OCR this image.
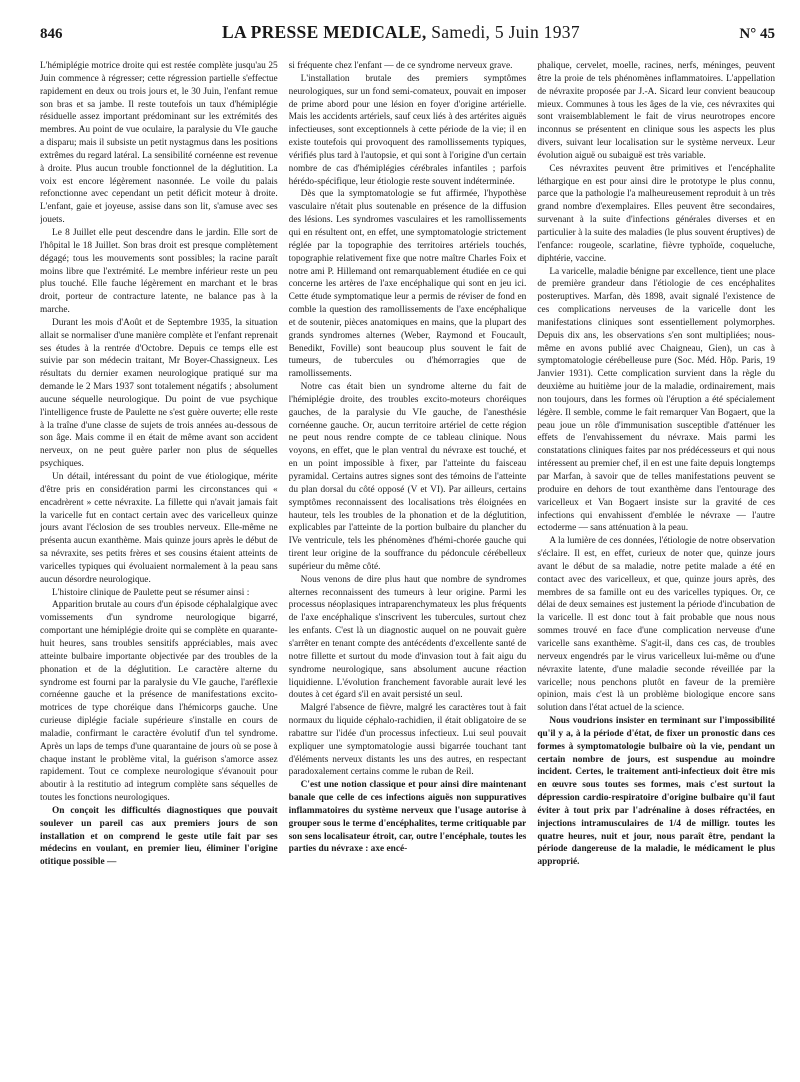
846	LA PRESSE MEDICALE, Samedi, 5 Juin 1937	N° 45

L'hémiplégie motrice droite qui est restée complète jusqu'au 25 Juin commence à régresser; cette régression partielle s'effectue rapidement en deux ou trois jours et, le 30 Juin, l'enfant remue son bras et sa jambe. Il reste toutefois un taux d'hémiplégie résiduelle assez important prédominant sur les extrémités des membres. Au point de vue oculaire, la paralysie du VIe gauche a disparu; mais il subsiste un petit nystagmus dans les positions extrêmes du regard latéral. La sensibilité cornéenne est revenue à droite. Plus aucun trouble fonctionnel de la déglutition. La voix est encore légèrement nasonnée. Le voile du palais refonctionne avec cependant un petit déficit moteur à droite. L'enfant, gaie et joyeuse, assise dans son lit, s'amuse avec ses jouets.

Le 8 Juillet elle peut descendre dans le jardin. Elle sort de l'hôpital le 18 Juillet. Son bras droit est presque complètement dégagé; tous les mouvements sont possibles; la racine paraît moins libre que l'extrémité. Le membre inférieur reste un peu plus touché. Elle fauche légèrement en marchant et le bras droit, porteur de contracture latente, ne balance pas à la marche.

Durant les mois d'Août et de Septembre 1935, la situation allait se normaliser d'une manière complète et l'enfant reprenait ses études à la rentrée d'Octobre. Depuis ce temps elle est suivie par son médecin traitant, Mr Boyer-Chassigneux. Les résultats du dernier examen neurologique pratiqué sur ma demande le 2 Mars 1937 sont totalement négatifs ; absolument aucune séquelle neurologique. Du point de vue psychique l'intelligence fruste de Paulette ne s'est guère ouverte; elle reste à la traîne d'une classe de sujets de trois années au-dessous de son âge. Mais comme il en était de même avant son accident nerveux, on ne peut guère parler non plus de séquelles psychiques.

Un détail, intéressant du point de vue étiologique, mérite d'être pris en considération parmi les circonstances qui « encadrèrent » cette névraxite. La fillette qui n'avait jamais fait la varicelle fut en contact certain avec des varicelleux quinze jours avant l'éclosion de ses troubles nerveux. Elle-même ne présenta aucun exanthème. Mais quinze jours après le début de sa névraxite, ses petits frères et ses cousins étaient atteints de varicelles typiques qui évoluaient normalement à la peau sans aucun désordre neurologique.

L'histoire clinique de Paulette peut se résumer ainsi :

Apparition brutale au cours d'un épisode céphalalgique avec vomissements d'un syndrome neurologique bigarré, comportant une hémiplégie droite qui se complète en quarante-huit heures, sans troubles sensitifs appréciables, mais avec atteinte bulbaire importante objectivée par des troubles de la phonation et de la déglutition. Le caractère alterne du syndrome est fourni par la paralysie du VIe gauche, l'aréflexie cornéenne gauche et la présence de manifestations excito-motrices de type choréique dans l'hémicorps gauche. Une curieuse diplégie faciale supérieure s'installe en cours de maladie, confirmant le caractère évolutif d'un tel syndrome. Après un laps de temps d'une quarantaine de jours où se pose à chaque instant le problème vital, la guérison s'amorce assez rapidement. Tout ce complexe neurologique s'évanouit pour aboutir à la restitutio ad integrum complète sans séquelles de toutes les fonctions neurologiques.

On conçoit les difficultés diagnostiques que pouvait soulever un pareil cas aux premiers jours de son installation et on comprend le geste utile fait par ses médecins en voulant, en premier lieu, éliminer l'origine otitique possible —

si fréquente chez l'enfant — de ce syndrome nerveux grave.

L'installation brutale des premiers symptômes neurologiques, sur un fond semi-comateux, pouvait en imposer de prime abord pour une lésion en foyer d'origine artérielle. Mais les accidents artériels, sauf ceux liés à des artérites aiguës infectieuses, sont exceptionnels à cette période de la vie; il en existe toutefois qui provoquent des ramollissements typiques, vérifiés plus tard à l'autopsie, et qui sont à l'origine d'un certain nombre de cas d'hémiplégies cérébrales infantiles ; parfois hérédo-spécifique, leur étiologie reste souvent indéterminée.

Dès que la symptomatologie se fut affirmée, l'hypothèse vasculaire n'était plus soutenable en présence de la diffusion des lésions. Les syndromes vasculaires et les ramollissements qui en résultent ont, en effet, une symptomatologie strictement réglée par la topographie des territoires artériels touchés, topographie relativement fixe que notre maître Charles Foix et notre ami P. Hillemand ont remarquablement étudiée en ce qui concerne les artères de l'axe encéphalique qui sont en jeu ici. Cette étude symptomatique leur a permis de réviser de fond en comble la question des ramollissements de l'axe encéphalique et de soutenir, pièces anatomiques en mains, que la plupart des grands syndromes alternes (Weber, Raymond et Foucault, Benedikt, Foville) sont beaucoup plus souvent le fait de tumeurs, de tubercules ou d'hémorragies que de ramollissements.

Notre cas était bien un syndrome alterne du fait de l'hémiplégie droite, des troubles excito-moteurs choréiques gauches, de la paralysie du VIe gauche, de l'anesthésie cornéenne gauche. Or, aucun territoire artériel de cette région ne peut nous rendre compte de ce tableau clinique. Nous voyons, en effet, que le plan ventral du névraxe est touché, et en un point impossible à fixer, par l'atteinte du faisceau pyramidal. Certains autres signes sont des témoins de l'atteinte du plan dorsal du côté opposé (V et VI). Par ailleurs, certains symptômes reconnaissent des localisations très éloignées en hauteur, tels les troubles de la phonation et de la déglutition, explicables par l'atteinte de la portion bulbaire du plancher du IVe ventricule, tels les phénomènes d'hémi-chorée gauche qui tirent leur origine de la souffrance du pédoncule cérébelleux supérieur du même côté.

Nous venons de dire plus haut que nombre de syndromes alternes reconnaissent des tumeurs à leur origine. Parmi les processus néoplasiques intraparenchymateux les plus fréquents de l'axe encéphalique s'inscrivent les tubercules, surtout chez les enfants. C'est là un diagnostic auquel on ne pouvait guère s'arrêter en tenant compte des antécédents d'excellente santé de notre fillette et surtout du mode d'invasion tout à fait aigu du syndrome neurologique, sans absolument aucune réaction liquidienne. L'évolution franchement favorable aurait levé les doutes à cet égard s'il en avait persisté un seul.

Malgré l'absence de fièvre, malgré les caractères tout à fait normaux du liquide céphalo-rachidien, il était obligatoire de se rabattre sur l'idée d'un processus infectieux. Lui seul pouvait expliquer une symptomatologie aussi bigarrée touchant tant d'éléments nerveux distants les uns des autres, en respectant paradoxalement certains comme le ruban de Reil.

C'est une notion classique et pour ainsi dire maintenant banale que celle de ces infections aiguës non suppuratives inflammatoires du système nerveux que l'usage autorise à grouper sous le terme d'encéphalites, terme critiquable par son sens localisateur étroit, car, outre l'encéphale, toutes les parties du névraxe : axe encé-

phalique, cervelet, moelle, racines, nerfs, méninges, peuvent être la proie de tels phénomènes inflammatoires. L'appellation de névraxite proposée par J.-A. Sicard leur convient beaucoup mieux. Communes à tous les âges de la vie, ces névraxites qui sont vraisemblablement le fait de virus neurotropes encore inconnus se présentent en clinique sous les aspects les plus divers, suivant leur localisation sur le système nerveux. Leur évolution aiguë ou subaiguë est très variable.

Ces névraxites peuvent être primitives et l'encéphalite léthargique en est pour ainsi dire le prototype le plus connu, parce que la pathologie l'a malheureusement reproduit à un très grand nombre d'exemplaires. Elles peuvent être secondaires, survenant à la suite d'infections générales diverses et en particulier à la suite des maladies (le plus souvent éruptives) de l'enfance: rougeole, scarlatine, fièvre typhoïde, coqueluche, diphtérie, vaccine.

La varicelle, maladie bénigne par excellence, tient une place de première grandeur dans l'étiologie de ces encéphalites posteruptives. Marfan, dès 1898, avait signalé l'existence de ces complications nerveuses de la varicelle dont les manifestations cliniques sont essentiellement polymorphes. Depuis dix ans, les observations s'en sont multipliées; nous-même en avons publié avec Chaigneau, Gien), un cas à symptomatologie cérébelleuse pure (Soc. Méd. Hôp. Paris, 19 Janvier 1931). Cette complication survient dans la règle du deuxième au huitième jour de la maladie, ordinairement, mais non toujours, dans les formes où l'éruption a été spécialement légère. Il semble, comme le fait remarquer Van Bogaert, que la peau joue un rôle d'immunisation susceptible d'atténuer les effets de l'envahissement du névraxe. Mais parmi les constatations cliniques faites par nos prédécesseurs et qui nous intéressent au premier chef, il en est une faite depuis longtemps par Marfan, à savoir que de telles manifestations peuvent se produire en dehors de tout exanthème dans l'entourage des varicelleux et Van Bogaert insiste sur la gravité de ces infections qui envahissent d'emblée le névraxe — l'autre ectoderme — sans atténuation à la peau.

A la lumière de ces données, l'étiologie de notre observation s'éclaire. Il est, en effet, curieux de noter que, quinze jours avant le début de sa maladie, notre petite malade a été en contact avec des varicelleux, et que, quinze jours après, des membres de sa famille ont eu des varicelles typiques. Or, ce délai de deux semaines est justement la période d'incubation de la varicelle. Il est donc tout à fait probable que nous nous sommes trouvé en face d'une complication nerveuse d'une varicelle sans exanthème. S'agit-il, dans ces cas, de troubles nerveux engendrés par le virus varicelleux lui-même ou d'une névraxite latente, d'une maladie seconde réveillée par la varicelle; nous penchons plutôt en faveur de la première opinion, mais c'est là un problème biologique encore sans solution dans l'état actuel de la science.

Nous voudrions insister en terminant sur l'impossibilité qu'il y a, à la période d'état, de fixer un pronostic dans ces formes à symptomatologie bulbaire où la vie, pendant un certain nombre de jours, est suspendue au moindre incident. Certes, le traitement anti-infectieux doit être mis en œuvre sous toutes ses formes, mais c'est surtout la dépression cardio-respiratoire d'origine bulbaire qu'il faut éviter à tout prix par l'adrénaline à doses réfractées, en injections intramusculaires de 1/4 de milligr. toutes les quatre heures, nuit et jour, nous paraît être, pendant la période dangereuse de la maladie, le médicament le plus approprié.
